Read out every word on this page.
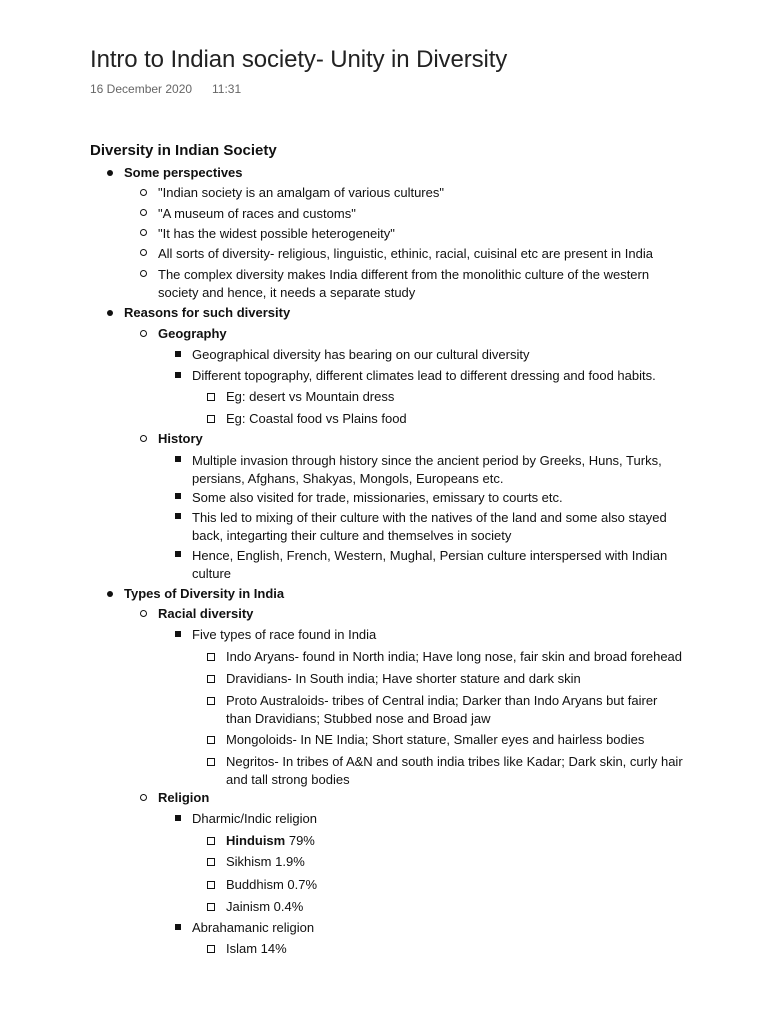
Intro to Indian society- Unity in Diversity
16 December 2020 11:31
Diversity in Indian Society
Some perspectives
"Indian society is an amalgam of various cultures"
"A museum of races and customs"
"It has the widest possible heterogeneity"
All sorts of diversity- religious, linguistic, ethinic, racial, cuisinal etc are present in India
The complex diversity makes India different from the monolithic culture of the western
society and hence, it needs a separate study
Reasons for such diversity
Geography
Geographical diversity has bearing on our cultural diversity
Different topography, different climates lead to different dressing and food habits.
Eg: desert vs Mountain dress
Eg: Coastal food vs Plains food
History
Multiple invasion through history since the ancient period by Greeks, Huns, Turks,
persians, Afghans, Shakyas, Mongols, Europeans etc.
Some also visited for trade, missionaries, emissary to courts etc.
This led to mixing of their culture with the natives of the land and some also stayed
back, integarting their culture and themselves in society
Hence, English, French, Western, Mughal, Persian culture interspersed with Indian
culture
Types of Diversity in India
Racial diversity
Five types of race found in India
Indo Aryans- found in North india; Have long nose, fair skin and broad forehead
Dravidians- In South india; Have shorter stature and dark skin
Proto Australoids- tribes of Central india; Darker than Indo Aryans but fairer
than Dravidians; Stubbed nose and Broad jaw
Mongoloids- In NE India; Short stature, Smaller eyes and hairless bodies
Negritos- In tribes of A&N and south india tribes like Kadar; Dark skin, curly hair
and tall strong bodies
Religion
Dharmic/Indic religion
Hinduism 79%
Sikhism 1.9%
Buddhism 0.7%
Jainism 0.4%
Abrahamanic religion
Islam 14%
